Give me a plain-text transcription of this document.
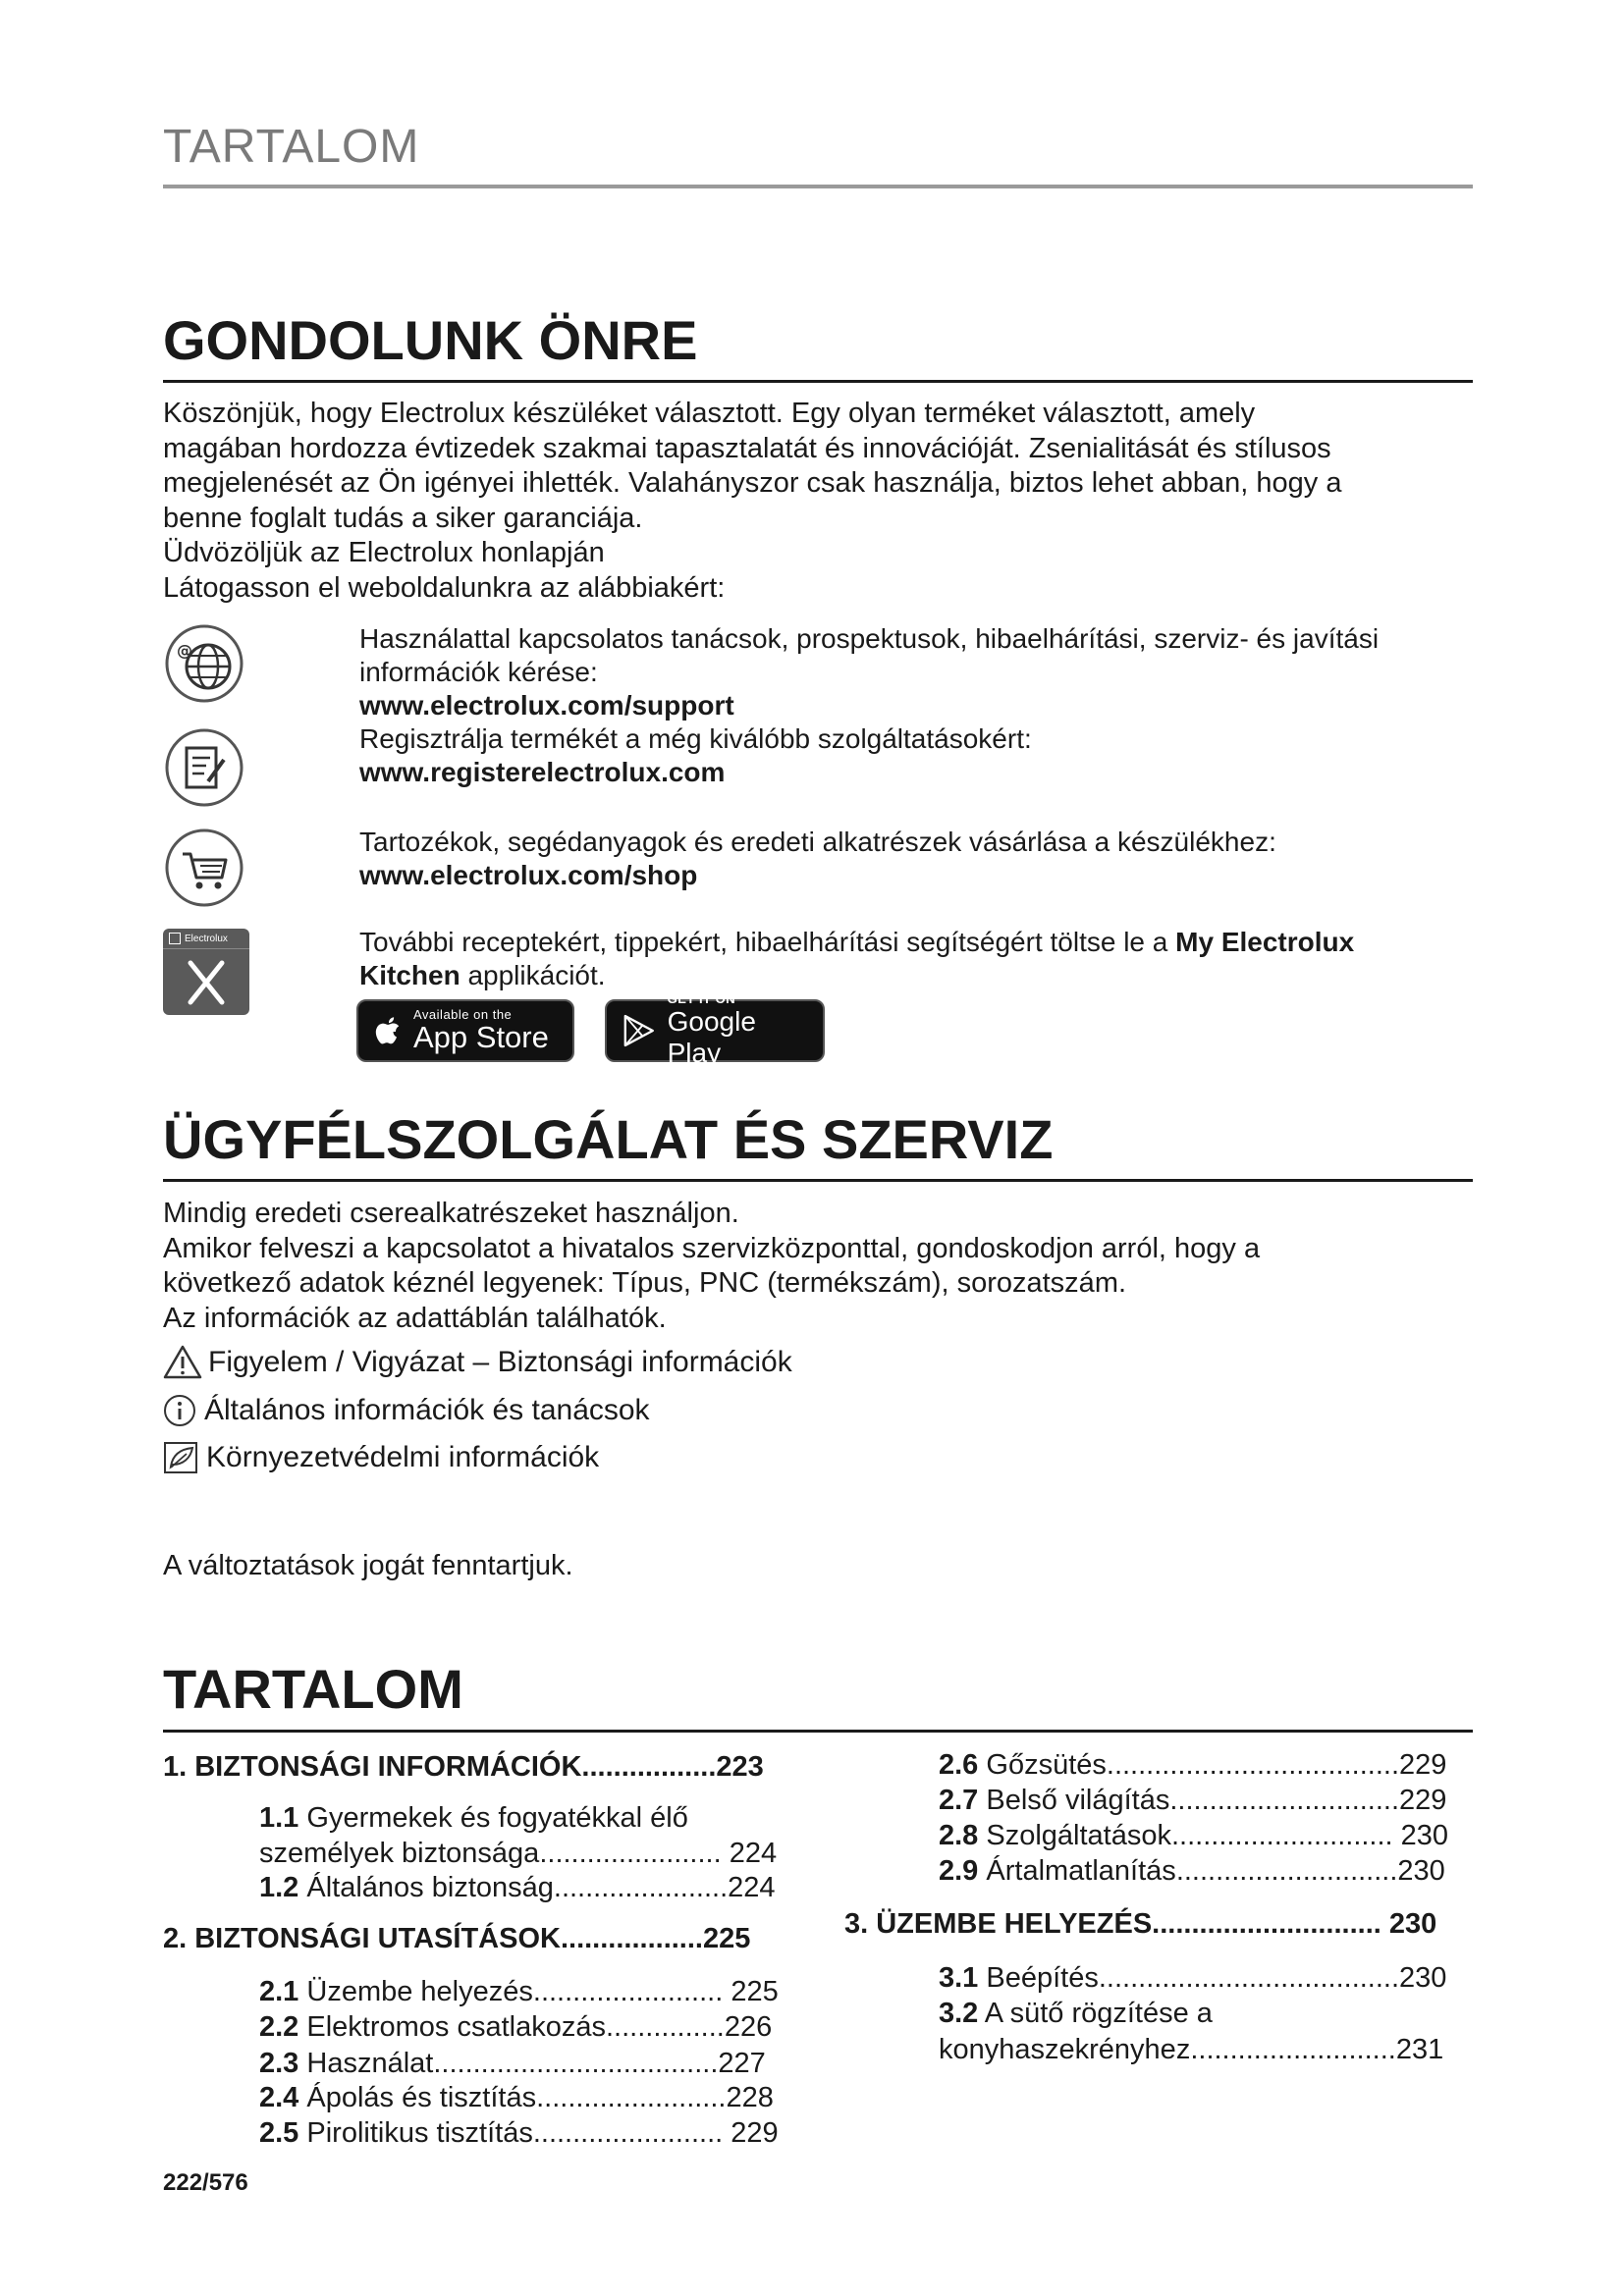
TARTALOM
GONDOLUNK ÖNRE
Köszönjük, hogy Electrolux készüléket választott. Egy olyan terméket választott, amely
magában hordozza évtizedek szakmai tapasztalatát és innovációját. Zsenialitását és stílusos
megjelenését az Ön igényei ihlették. Valahányszor csak használja, biztos lehet abban, hogy a
benne foglalt tudás a siker garanciája.
Üdvözöljük az Electrolux honlapján
Látogasson el weboldalunkra az alábbiakért:
@
Electrolux
Használattal kapcsolatos tanácsok, prospektusok, hibaelhárítási, szerviz- és javítási
információk kérése:
www.electrolux.com/support
Regisztrálja termékét a még kiválóbb szolgáltatásokért:
www.registerelectrolux.com
Tartozékok, segédanyagok és eredeti alkatrészek vásárlása a készülékhez:
www.electrolux.com/shop
További receptekért, tippekért, hibaelhárítási segítségért töltse le a My Electrolux
Kitchen applikációt.
Available on the
App Store
GET IT ON
Google Play
ÜGYFÉLSZOLGÁLAT ÉS SZERVIZ
Mindig eredeti cserealkatrészeket használjon.
Amikor felveszi a kapcsolatot a hivatalos szervizközponttal, gondoskodjon arról, hogy a
következő adatok kéznél legyenek: Típus, PNC (termékszám), sorozatszám.
Az információk az adattáblán találhatók.
Figyelem / Vigyázat – Biztonsági információk
Általános információk és tanácsok
Környezetvédelmi információk
A változtatások jogát fenntartjuk.
TARTALOM
1. BIZTONSÁGI INFORMÁCIÓK.................223
1.1 Gyermekek és fogyatékkal élő
személyek biztonsága....................... 224
1.2 Általános biztonság......................224
2. BIZTONSÁGI UTASÍTÁSOK..................225
2.1 Üzembe helyezés........................ 225
2.2 Elektromos csatlakozás...............226
2.3 Használat....................................227
2.4 Ápolás és tisztítás........................228
2.5 Pirolitikus tisztítás........................ 229
2.6 Gőzsütés.....................................229
2.7 Belső világítás.............................229
2.8 Szolgáltatások............................ 230
2.9 Ártalmatlanítás............................230
3. ÜZEMBE HELYEZÉS............................. 230
3.1 Beépítés......................................230
3.2 A sütő rögzítése a
konyhaszekrényhez..........................231
222/576
